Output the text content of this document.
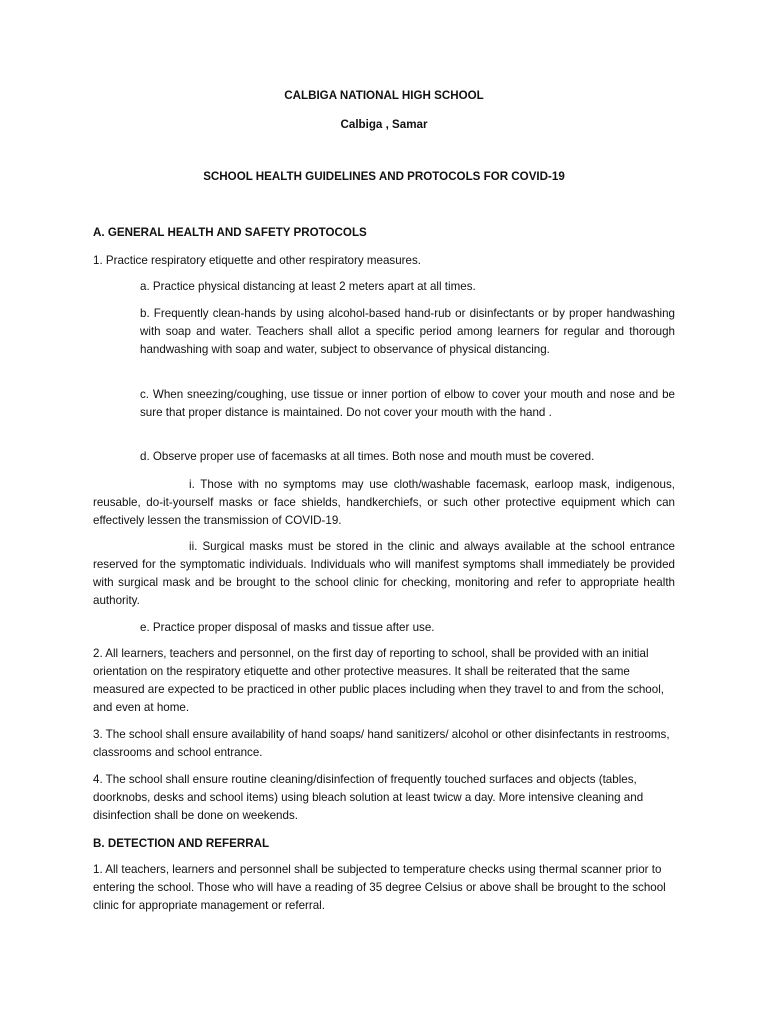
CALBIGA NATIONAL HIGH SCHOOL

Calbiga , Samar

SCHOOL HEALTH GUIDELINES AND PROTOCOLS FOR COVID-19

A. GENERAL HEALTH AND SAFETY PROTOCOLS

1. Practice respiratory etiquette and other respiratory measures.

a. Practice physical distancing at least 2 meters apart at all times.

b. Frequently clean-hands by using alcohol-based hand-rub or disinfectants or by proper handwashing with soap and water. Teachers shall allot a specific period among learners for regular and thorough handwashing with soap and water, subject to observance of physical distancing.

c. When sneezing/coughing, use tissue or inner portion of elbow to cover your mouth and nose and be sure that proper distance is maintained. Do not cover your mouth with the hand .

d. Observe proper use of facemasks at all times. Both nose and mouth must be covered.

i. Those with no symptoms may use cloth/washable facemask, earloop mask, indigenous, reusable, do-it-yourself masks or face shields, handkerchiefs, or such other protective equipment which can effectively lessen the transmission of COVID-19.

ii. Surgical masks must be stored in the clinic and always available at the school entrance reserved for the symptomatic individuals. Individuals who will manifest symptoms shall immediately be provided with surgical mask and be brought to the school clinic for checking, monitoring and refer to appropriate health authority.

e. Practice proper disposal of masks and tissue after use.

2. All learners, teachers and personnel, on the first day of reporting to school, shall be provided with an initial orientation on the respiratory etiquette and other protective measures. It shall be reiterated that the same measured are expected to be practiced in other public places including when they travel to and from the school, and even at home.

3. The school shall ensure availability of hand soaps/ hand sanitizers/ alcohol or other disinfectants in restrooms, classrooms and school entrance.

4. The school shall ensure routine cleaning/disinfection of frequently touched surfaces and objects (tables, doorknobs, desks and school items) using bleach solution at least twicw a day. More intensive cleaning and disinfection shall be done on weekends.

B. DETECTION AND REFERRAL

1. All teachers, learners and personnel shall be subjected to temperature checks using thermal scanner prior to entering the school. Those who will have a reading of 35 degree Celsius or above shall be brought to the school clinic for appropriate management or referral.
